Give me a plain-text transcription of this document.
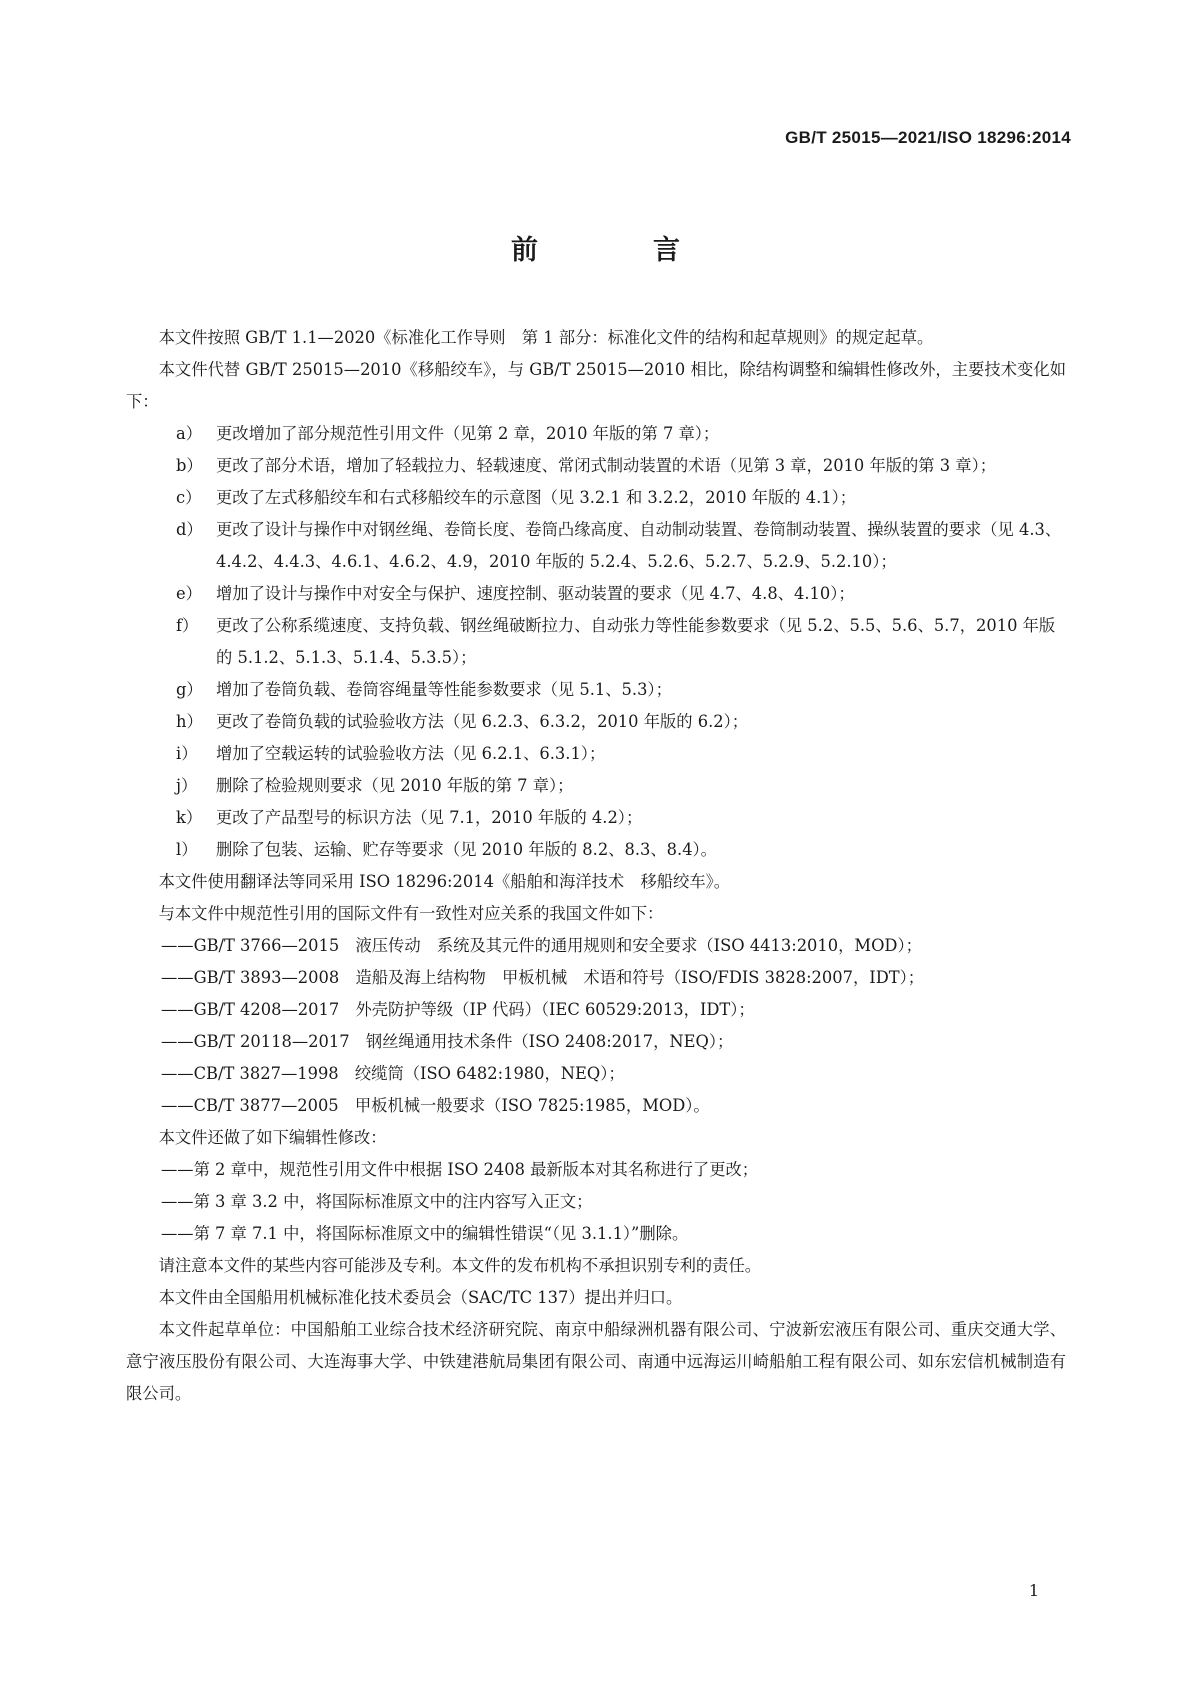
GB/T 25015—2021/ISO 18296:2014
前　言
本文件按照 GB/T 1.1—2020《标准化工作导则　第 1 部分：标准化文件的结构和起草规则》的规定起草。
本文件代替 GB/T 25015—2010《移船绞车》，与 GB/T 25015—2010 相比，除结构调整和编辑性修改外，主要技术变化如下：
a） 更改增加了部分规范性引用文件（见第 2 章，2010 年版的第 7 章）；
b） 更改了部分术语，增加了轻载拉力、轻载速度、常闭式制动装置的术语（见第 3 章，2010 年版的第 3 章）；
c） 更改了左式移船绞车和右式移船绞车的示意图（见 3.2.1 和 3.2.2，2010 年版的 4.1）；
d） 更改了设计与操作中对钢丝绳、卷筒长度、卷筒凸缘高度、自动制动装置、卷筒制动装置、操纵装置的要求（见 4.3、4.4.2、4.4.3、4.6.1、4.6.2、4.9，2010 年版的 5.2.4、5.2.6、5.2.7、5.2.9、5.2.10）；
e） 增加了设计与操作中对安全与保护、速度控制、驱动装置的要求（见 4.7、4.8、4.10）；
f） 更改了公称系缆速度、支持负载、钢丝绳破断拉力、自动张力等性能参数要求（见 5.2、5.5、5.6、5.7，2010 年版的 5.1.2、5.1.3、5.1.4、5.3.5）；
g） 增加了卷筒负载、卷筒容绳量等性能参数要求（见 5.1、5.3）；
h） 更改了卷筒负载的试验验收方法（见 6.2.3、6.3.2，2010 年版的 6.2）；
i） 增加了空载运转的试验验收方法（见 6.2.1、6.3.1）；
j） 删除了检验规则要求（见 2010 年版的第 7 章）；
k） 更改了产品型号的标识方法（见 7.1，2010 年版的 4.2）；
l） 删除了包装、运输、贮存等要求（见 2010 年版的 8.2、8.3、8.4）。
本文件使用翻译法等同采用 ISO 18296:2014《船舶和海洋技术　移船绞车》。
与本文件中规范性引用的国际文件有一致性对应关系的我国文件如下：
——GB/T 3766—2015　液压传动　系统及其元件的通用规则和安全要求（ISO 4413:2010，MOD）；
——GB/T 3893—2008　造船及海上结构物　甲板机械　术语和符号（ISO/FDIS 3828:2007，IDT）；
——GB/T 4208—2017　外壳防护等级（IP 代码）（IEC 60529:2013，IDT）；
——GB/T 20118—2017　钢丝绳通用技术条件（ISO 2408:2017，NEQ）；
——CB/T 3827—1998　绞缆筒（ISO 6482:1980，NEQ）；
——CB/T 3877—2005　甲板机械一般要求（ISO 7825:1985，MOD）。
本文件还做了如下编辑性修改：
——第 2 章中，规范性引用文件中根据 ISO 2408 最新版本对其名称进行了更改；
——第 3 章 3.2 中，将国际标准原文中的注内容写入正文；
——第 7 章 7.1 中，将国际标准原文中的编辑性错误“（见 3.1.1）”删除。
请注意本文件的某些内容可能涉及专利。本文件的发布机构不承担识别专利的责任。
本文件由全国船用机械标准化技术委员会（SAC/TC 137）提出并归口。
本文件起草单位：中国船舶工业综合技术经济研究院、南京中船绿洲机器有限公司、宁波新宏液压有限公司、重庆交通大学、意宁液压股份有限公司、大连海事大学、中铁建港航局集团有限公司、南通中远海运川崎船舶工程有限公司、如东宏信机械制造有限公司。
1
